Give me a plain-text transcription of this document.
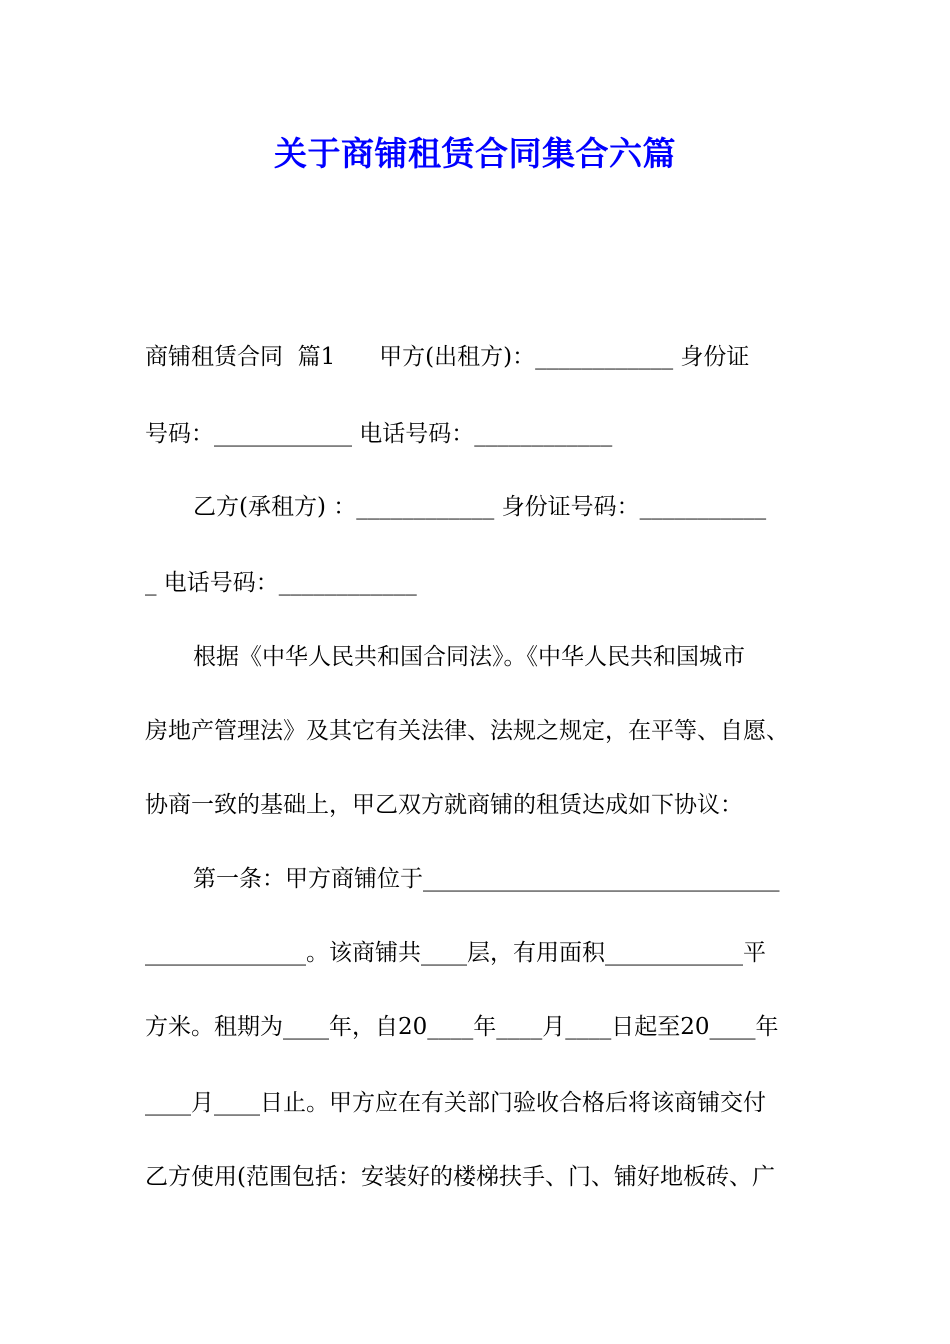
关于商铺租赁合同集合六篇
商铺租赁合同  篇1      甲方(出租方)：____________ 身份证
号码：____________ 电话号码：____________
乙方(承租方) ：____________ 身份证号码：___________
_ 电话号码：____________
根据《中华人民共和国合同法》。《中华人民共和国城市
房地产管理法》及其它有关法律、法规之规定，在平等、自愿、
协商一致的基础上，甲乙双方就商铺的租赁达成如下协议：
第一条：甲方商铺位于_______________________________
______________。该商铺共____层，有用面积____________平
方米。租期为____年，自20____年____月____日起至20____年
____月____日止。甲方应在有关部门验收合格后将该商铺交付
乙方使用(范围包括：安装好的楼梯扶手、门、铺好地板砖、广
